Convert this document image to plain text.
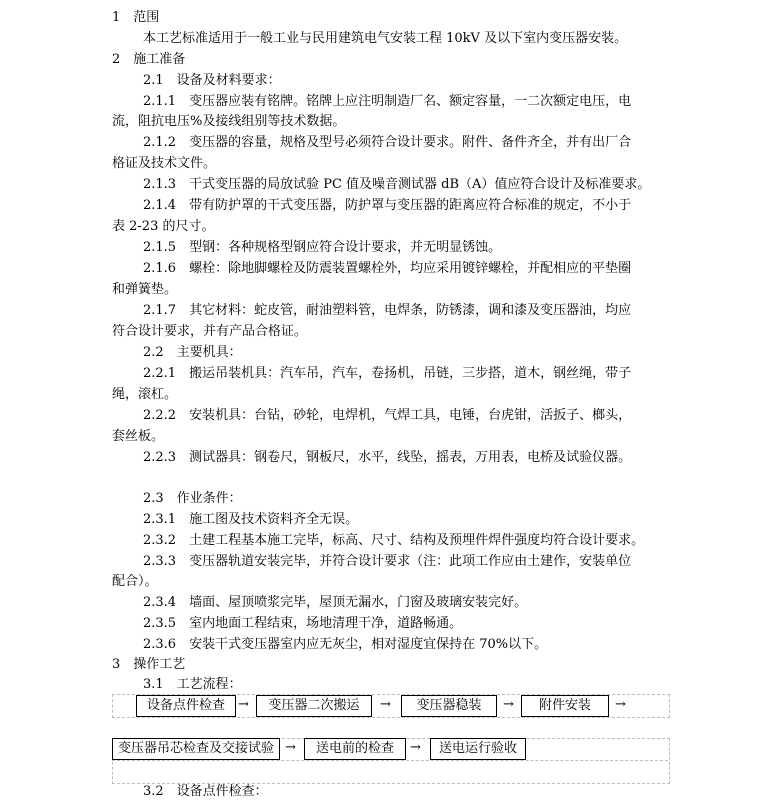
1　范围
本工艺标准适用于一般工业与民用建筑电气安装工程 10kV 及以下室内变压器安装。
2　施工准备
2.1　设备及材料要求：
2.1.1　变压器应装有铭牌。铭牌上应注明制造厂名、额定容量，一二次额定电压，电
流，阻抗电压%及接线组别等技术数据。
2.1.2　变压器的容量，规格及型号必须符合设计要求。附件、备件齐全，并有出厂合
格证及技术文件。
2.1.3　干式变压器的局放试验 PC 值及噪音测试器 dB（A）值应符合设计及标准要求。
2.1.4　带有防护罩的干式变压器，防护罩与变压器的距离应符合标准的规定，不小于
表 2-23 的尺寸。
2.1.5　型钢：各种规格型钢应符合设计要求，并无明显锈蚀。
2.1.6　螺栓：除地脚螺栓及防震装置螺栓外，均应采用镀锌螺栓，并配相应的平垫圈
和弹簧垫。
2.1.7　其它材料：蛇皮管，耐油塑料管，电焊条，防锈漆，调和漆及变压器油，均应
符合设计要求，并有产品合格证。
2.2　主要机具：
2.2.1　搬运吊装机具：汽车吊，汽车，卷扬机，吊链，三步搭，道木，钢丝绳，带子
绳，滚杠。
2.2.2　安装机具：台钻，砂轮，电焊机，气焊工具，电锤，台虎钳，活扳子、榔头，
套丝板。
2.2.3　测试器具：钢卷尺，钢板尺，水平，线坠，摇表，万用表，电桥及试验仪器。
2.3　作业条件：
2.3.1　施工图及技术资料齐全无误。
2.3.2　土建工程基本施工完毕，标高、尺寸、结构及预埋件焊件强度均符合设计要求。
2.3.3　变压器轨道安装完毕，并符合设计要求（注：此项工作应由土建作，安装单位
配合）。
2.3.4　墙面、屋顶喷浆完毕，屋顶无漏水，门窗及玻璃安装完好。
2.3.5　室内地面工程结束，场地清理干净，道路畅通。
2.3.6　安装干式变压器室内应无灰尘，相对湿度宜保持在 70%以下。
3　操作工艺
3.1　工艺流程：
设备点件检查	→	变压器二次搬运	→	变压器稳装	→	附件安装	→
变压器吊芯检查及交接试验 →	送电前的检查	→	送电运行验收
3.2　设备点件检查：
